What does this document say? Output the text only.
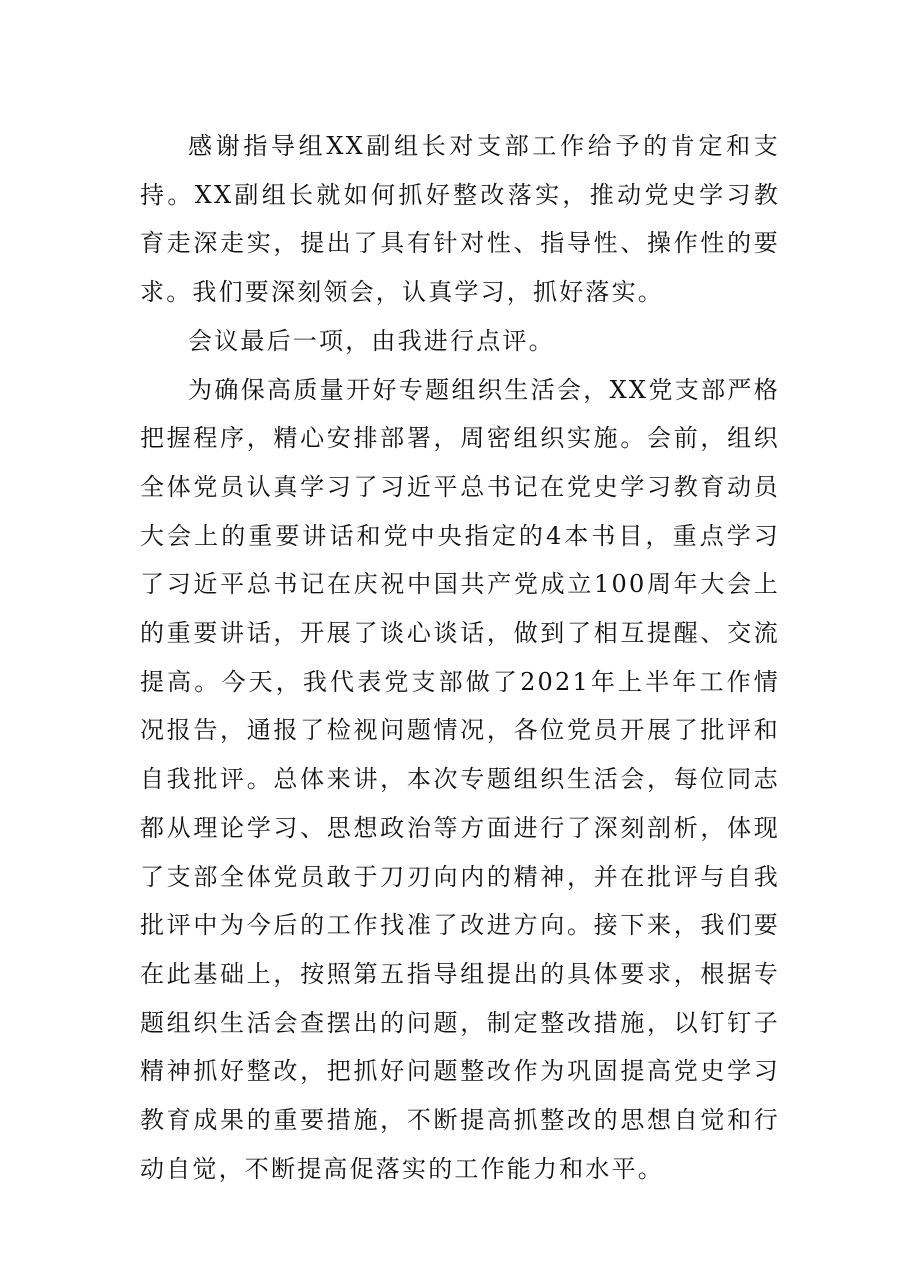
感谢指导组XX副组长对支部工作给予的肯定和支持。XX副组长就如何抓好整改落实，推动党史学习教育走深走实，提出了具有针对性、指导性、操作性的要求。我们要深刻领会，认真学习，抓好落实。

会议最后一项，由我进行点评。

为确保高质量开好专题组织生活会，XX党支部严格把握程序，精心安排部署，周密组织实施。会前，组织全体党员认真学习了习近平总书记在党史学习教育动员大会上的重要讲话和党中央指定的4本书目，重点学习了习近平总书记在庆祝中国共产党成立100周年大会上的重要讲话，开展了谈心谈话，做到了相互提醒、交流提高。今天，我代表党支部做了2021年上半年工作情况报告，通报了检视问题情况，各位党员开展了批评和自我批评。总体来讲，本次专题组织生活会，每位同志都从理论学习、思想政治等方面进行了深刻剖析，体现了支部全体党员敢于刀刃向内的精神，并在批评与自我批评中为今后的工作找准了改进方向。接下来，我们要在此基础上，按照第五指导组提出的具体要求，根据专题组织生活会查摆出的问题，制定整改措施，以钉钉子精神抓好整改，把抓好问题整改作为巩固提高党史学习教育成果的重要措施，不断提高抓整改的思想自觉和行动自觉，不断提高促落实的工作能力和水平。
